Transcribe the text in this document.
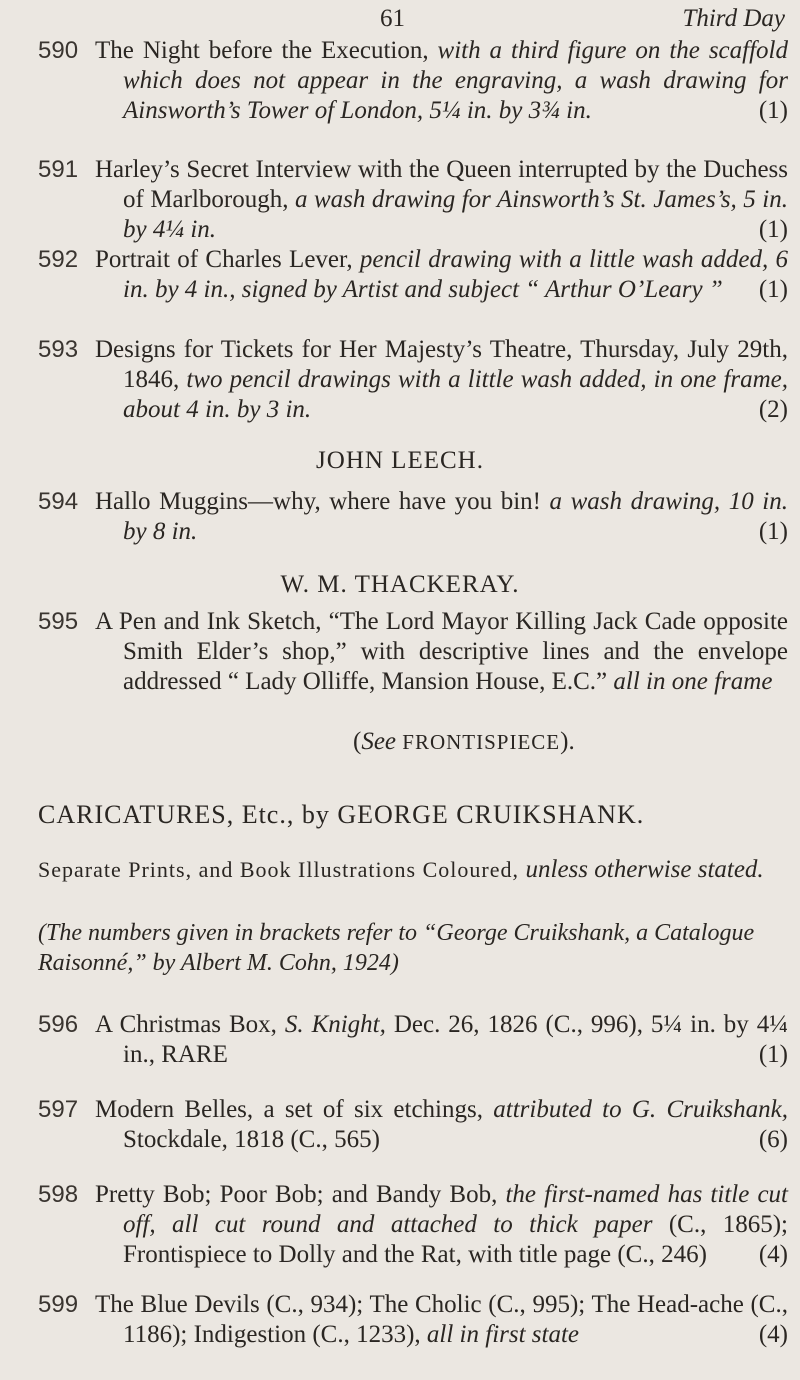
61	Third Day
590 The Night before the Execution, with a third figure on the scaffold which does not appear in the engraving, a wash drawing for Ainsworth’s Tower of London, 5¼ in. by 3¾ in.	(1)
591 Harley’s Secret Interview with the Queen interrupted by the Duchess of Marlborough, a wash drawing for Ainsworth’s St. James’s, 5 in. by 4¼ in.	(1)
592 Portrait of Charles Lever, pencil drawing with a little wash added, 6 in. by 4 in., signed by Artist and subject “ Arthur O’Leary ” (1)
593 Designs for Tickets for Her Majesty’s Theatre, Thursday, July 29th, 1846, two pencil drawings with a little wash added, in one frame, about 4 in. by 3 in.	(2)
JOHN LEECH.
594 Hallo Muggins—why, where have you bin! a wash drawing, 10 in. by 8 in.	(1)
W. M. THACKERAY.
595 A Pen and Ink Sketch, “The Lord Mayor Killing Jack Cade opposite Smith Elder’s shop,” with descriptive lines and the envelope addressed “ Lady Olliffe, Mansion House, E.C.” all in one frame
(See FRONTISPIECE).
CARICATURES, Etc., by GEORGE CRUIKSHANK.
Separate Prints, and Book Illustrations Coloured, unless otherwise stated.
(The numbers given in brackets refer to “George Cruikshank, a Catalogue Raisonné,” by Albert M. Cohn, 1924)
596 A Christmas Box, S. Knight, Dec. 26, 1826 (C., 996), 5¼ in. by 4¼ in., RARE	(1)
597 Modern Belles, a set of six etchings, attributed to G. Cruikshank, Stockdale, 1818 (C., 565)	(6)
598 Pretty Bob; Poor Bob; and Bandy Bob, the first-named has title cut off, all cut round and attached to thick paper (C., 1865); Frontispiece to Dolly and the Rat, with title page (C., 246) (4)
599 The Blue Devils (C., 934); The Cholic (C., 995); The Head-ache (C., 1186); Indigestion (C., 1233), all in first state	(4)
